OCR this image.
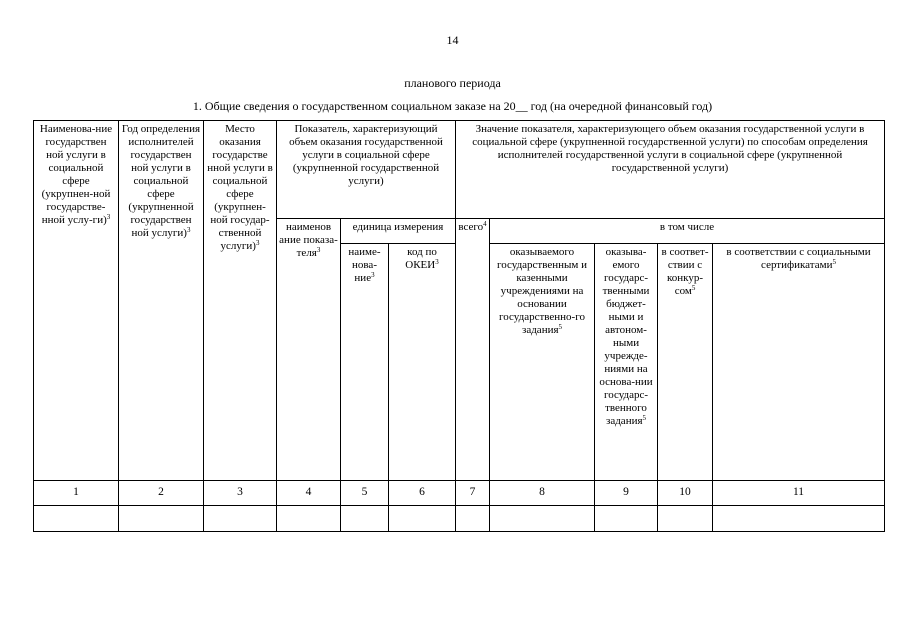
14
планового периода
1. Общие сведения о государственном социальном заказе на 20__ год (на очередной финансовый год)
Наименова-ние государствен ной услуги в социальной сфере (укрупнен-ной государстве-нной услу-ги)$^3$	Год определения исполнителей государствен ной услуги в социальной сфере (укрупненной государствен ной услуги)$^3$	Место оказания государстве нной услуги в социальной сфере (укрупнен-ной государ-ственной услуги)$^3$	Показатель, характеризующий объем оказания государственной услуги в социальной сфере (укрупненной государственной услуги)			Значение показателя, характеризующего объем оказания государственной услуги в социальной сфере (укрупненной государственной услуги) по способам определения исполнителей государственной услуги в социальной сфере (укрупненной государственной услуги)				
			наименов ание показа-теля$^3$	единица измерения		всего$^4$	в том числе			
				наиме-нова-ние$^3$	код по ОКЕИ$^3$		оказываемого государственным и казенными учреждениями на основании государственно-го задания$^5$	оказыва-емого государс-твенными бюджет-ными и автоном-ными учрежде-ниями на основа-нии государс-твенного задания$^5$	в соответ-ствии с конкур-сом$^5$	в соответствии с социальными сертификатами$^5$
1	2	3	4	5	6	7	8	9	10	11
